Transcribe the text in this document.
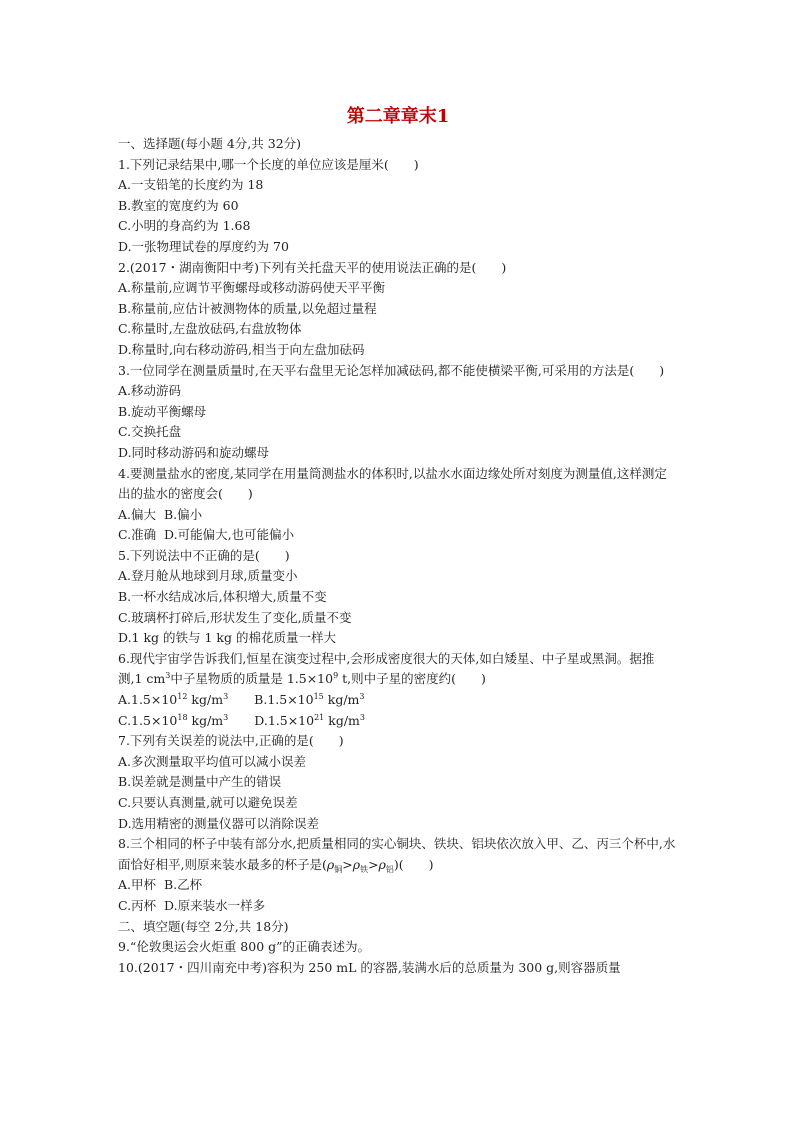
第二章章末1

一、选择题(每小题 4分,共 32分)

1.下列记录结果中,哪一个长度的单位应该是厘米(　　)

A.一支铅笔的长度约为 18

B.教室的宽度约为 60

C.小明的身高约为 1.68

D.一张物理试卷的厚度约为 70

2.(2017・湖南衡阳中考)下列有关托盘天平的使用说法正确的是(　　)

A.称量前,应调节平衡螺母或移动游码使天平平衡

B.称量前,应估计被测物体的质量,以免超过量程

C.称量时,左盘放砝码,右盘放物体

D.称量时,向右移动游码,相当于向左盘加砝码

3.一位同学在测量质量时,在天平右盘里无论怎样加减砝码,都不能使横梁平衡,可采用的方法是(　　)

A.移动游码

B.旋动平衡螺母

C.交换托盘

D.同时移动游码和旋动螺母

4.要测量盐水的密度,某同学在用量筒测盐水的体积时,以盐水水面边缘处所对刻度为测量值,这样测定出的盐水的密度会(　　)

A.偏大 B.偏小

C.准确 D.可能偏大,也可能偏小

5.下列说法中不正确的是(　　)

A.登月舱从地球到月球,质量变小

B.一杯水结成冰后,体积增大,质量不变

C.玻璃杯打碎后,形状发生了变化,质量不变

D.1 kg 的铁与 1 kg 的棉花质量一样大

6.现代宇宙学告诉我们,恒星在演变过程中,会形成密度很大的天体,如白矮星、中子星或黑洞。据推测,1 $cm^3$中子星物质的质量是 $1.5\times 10^9$ t,则中子星的密度约(　　)

$A.1.5\times 10^{12}$ $kg/m^3$ $B.1.5\times 10^{15}$ $kg/m^3$

$C.1.5\times 10^{18}$ $kg/m^3$ $D.1.5\times 10^{21}$ $kg/m^3$

7.下列有关误差的说法中,正确的是(　　)

A.多次测量取平均值可以减小误差

B.误差就是测量中产生的错误

C.只要认真测量,就可以避免误差

D.选用精密的测量仪器可以消除误差

8.三个相同的杯子中装有部分水,把质量相同的实心铜块、铁块、铝块依次放入甲、乙、丙三个杯中,水面恰好相平,则原来装水最多的杯子是$(\rho_铜>\rho_铁>\rho_铝)$(　　)

A.甲杯 B.乙杯

C.丙杯 D.原来装水一样多

二、填空题(每空 2分,共 18分)

9.“伦敦奥运会火炬重 800 g”的正确表述为。

10.(2017・四川南充中考)容积为 250 mL 的容器,装满水后的总质量为 300 g,则容器质量
